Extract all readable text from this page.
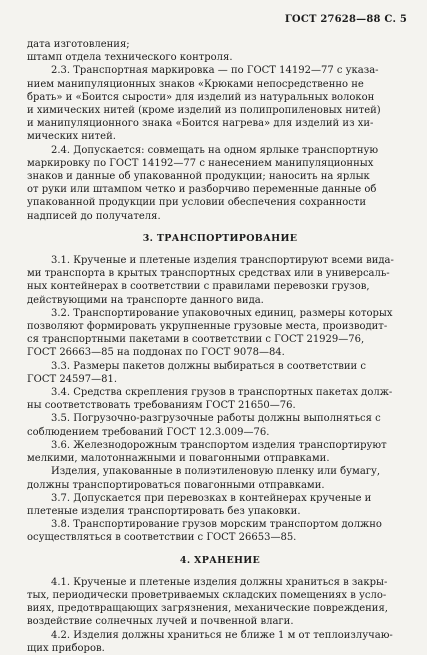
ГОСТ 27628—88 С. 5
дата изготовления;
штамп отдела технического контроля.
2.3. Транспортная маркировка — по ГОСТ 14192—77 с указа-
нием манипуляционных знаков «Крюками непосредственно не
брать» и «Боится сырости» для изделий из натуральных волокон
и химических нитей (кроме изделий из полипропиленовых нитей)
и манипуляционного знака «Боится нагрева» для изделий из хи-
мических нитей.
2.4. Допускается: совмещать на одном ярлыке транспортную
маркировку по ГОСТ 14192—77 с нанесением манипуляционных
знаков и данные об упакованной продукции; наносить на ярлык
от руки или штампом четко и разборчиво переменные данные об
упакованной продукции при условии обеспечения сохранности
надписей до получателя.
3. ТРАНСПОРТИРОВАНИЕ
3.1. Крученые и плетеные изделия транспортируют всеми вида-
ми транспорта в крытых транспортных средствах или в универсаль-
ных контейнерах в соответствии с правилами перевозки грузов,
действующими на транспорте данного вида.
3.2. Транспортирование упаковочных единиц, размеры которых
позволяют формировать укрупненные грузовые места, производит-
ся транспортными пакетами в соответствии с ГОСТ 21929—76,
ГОСТ 26663—85 на поддонах по ГОСТ 9078—84.
3.3. Размеры пакетов должны выбираться в соответствии с
ГОСТ 24597—81.
3.4. Средства скрепления грузов в транспортных пакетах долж-
ны соответствовать требованиям ГОСТ 21650—76.
3.5. Погрузочно-разгрузочные работы должны выполняться с
соблюдением требований ГОСТ 12.3.009—76.
3.6. Железнодорожным транспортом изделия транспортируют
мелкими, малотоннажными и повагонными отправками.
Изделия, упакованные в полиэтиленовую пленку или бумагу,
должны транспортироваться повагонными отправками.
3.7. Допускается при перевозках в контейнерах крученые и
плетеные изделия транспортировать без упаковки.
3.8. Транспортирование грузов морским транспортом должно
осуществляться в соответствии с ГОСТ 26653—85.
4. ХРАНЕНИЕ
4.1. Крученые и плетеные изделия должны храниться в закры-
тых, периодически проветриваемых складских помещениях в усло-
виях, предотвращающих загрязнения, механические повреждения,
воздействие солнечных лучей и почвенной влаги.
4.2. Изделия должны храниться не ближе 1 м от теплоизлучаю-
щих приборов.
